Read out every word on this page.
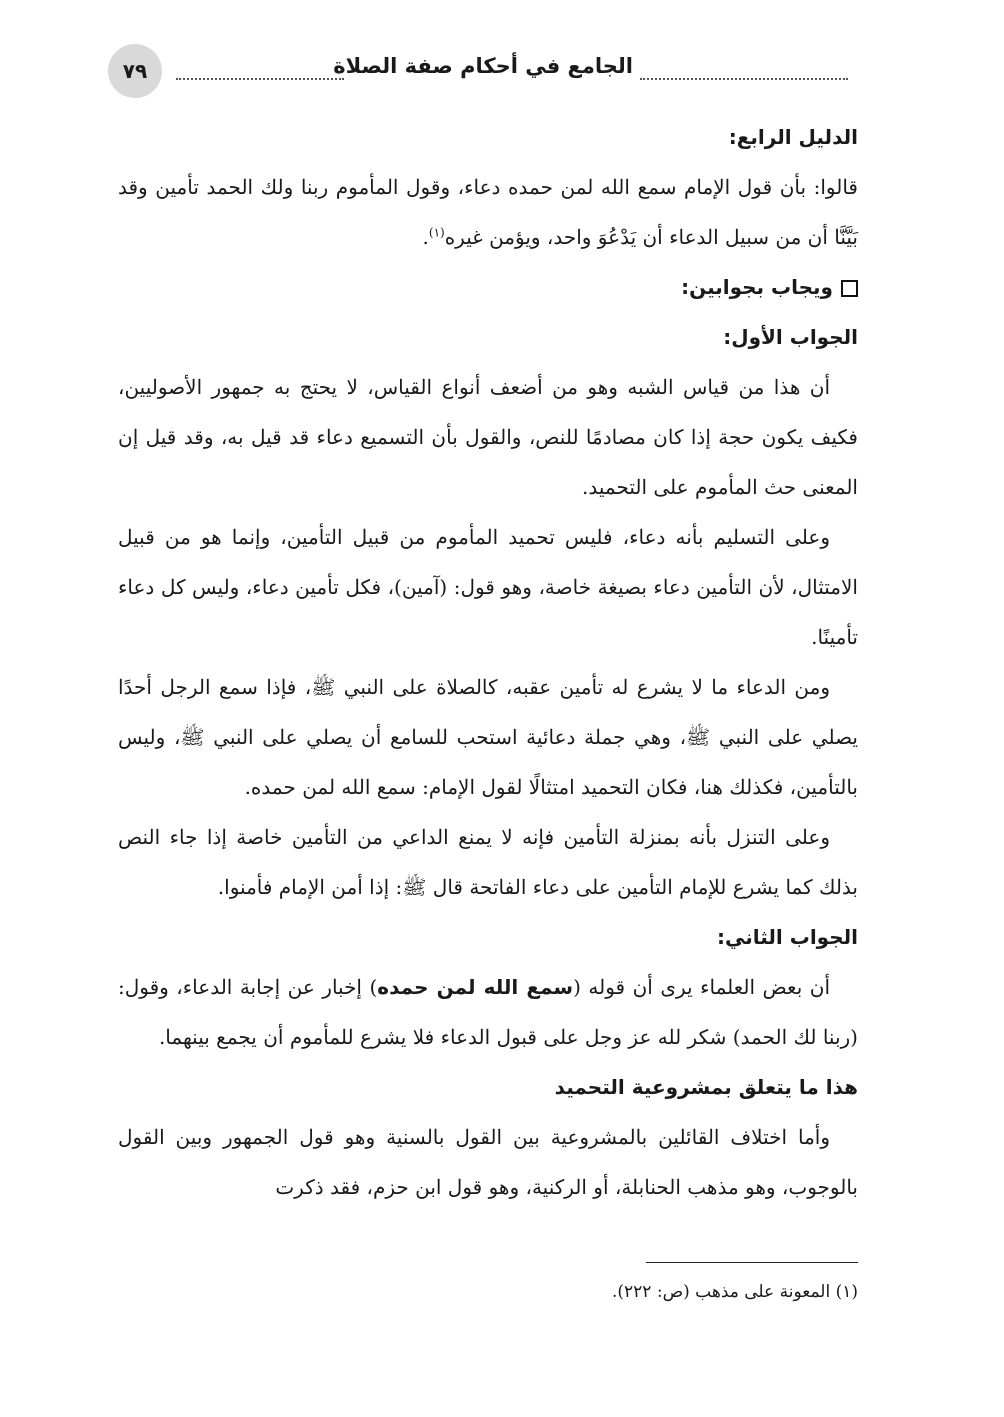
٧٩	الجامع في أحكام صفة الصلاة
الدليل الرابع:

قالوا: بأن قول الإمام سمع الله لمن حمده دعاء، وقول المأموم ربنا ولك الحمد تأمين وقد بَيَّنَّا أن من سبيل الدعاء أن يَدْعُوَ واحد، ويؤمن غيره$^{(١)}$.

ويجاب بجوابين:
الجواب الأول:

أن هذا من قياس الشبه وهو من أضعف أنواع القياس، لا يحتج به جمهور الأصوليين، فكيف يكون حجة إذا كان مصادمًا للنص، والقول بأن التسميع دعاء قد قيل به، وقد قيل إن المعنى حث المأموم على التحميد.

وعلى التسليم بأنه دعاء، فليس تحميد المأموم من قبيل التأمين، وإنما هو من قبيل الامتثال، لأن التأمين دعاء بصيغة خاصة، وهو قول: (آمين)، فكل تأمين دعاء، وليس كل دعاء تأمينًا.

ومن الدعاء ما لا يشرع له تأمين عقبه، كالصلاة على النبي ﷺ، فإذا سمع الرجل أحدًا يصلي على النبي ﷺ، وهي جملة دعائية استحب للسامع أن يصلي على النبي ﷺ، وليس بالتأمين، فكذلك هنا، فكان التحميد امتثالًا لقول الإمام: سمع الله لمن حمده.

وعلى التنزل بأنه بمنزلة التأمين فإنه لا يمنع الداعي من التأمين خاصة إذا جاء النص بذلك كما يشرع للإمام التأمين على دعاء الفاتحة قال ﷺ: إذا أمن الإمام فأمنوا.

الجواب الثاني:

أن بعض العلماء يرى أن قوله (سمع الله لمن حمده) إخبار عن إجابة الدعاء، وقول: (ربنا لك الحمد) شكر لله عز وجل على قبول الدعاء فلا يشرع للمأموم أن يجمع بينهما.

هذا ما يتعلق بمشروعية التحميد

وأما اختلاف القائلين بالمشروعية بين القول بالسنية وهو قول الجمهور وبين القول بالوجوب، وهو مذهب الحنابلة، أو الركنية، وهو قول ابن حزم، فقد ذكرت

(١) المعونة على مذهب (ص: ٢٢٢).
